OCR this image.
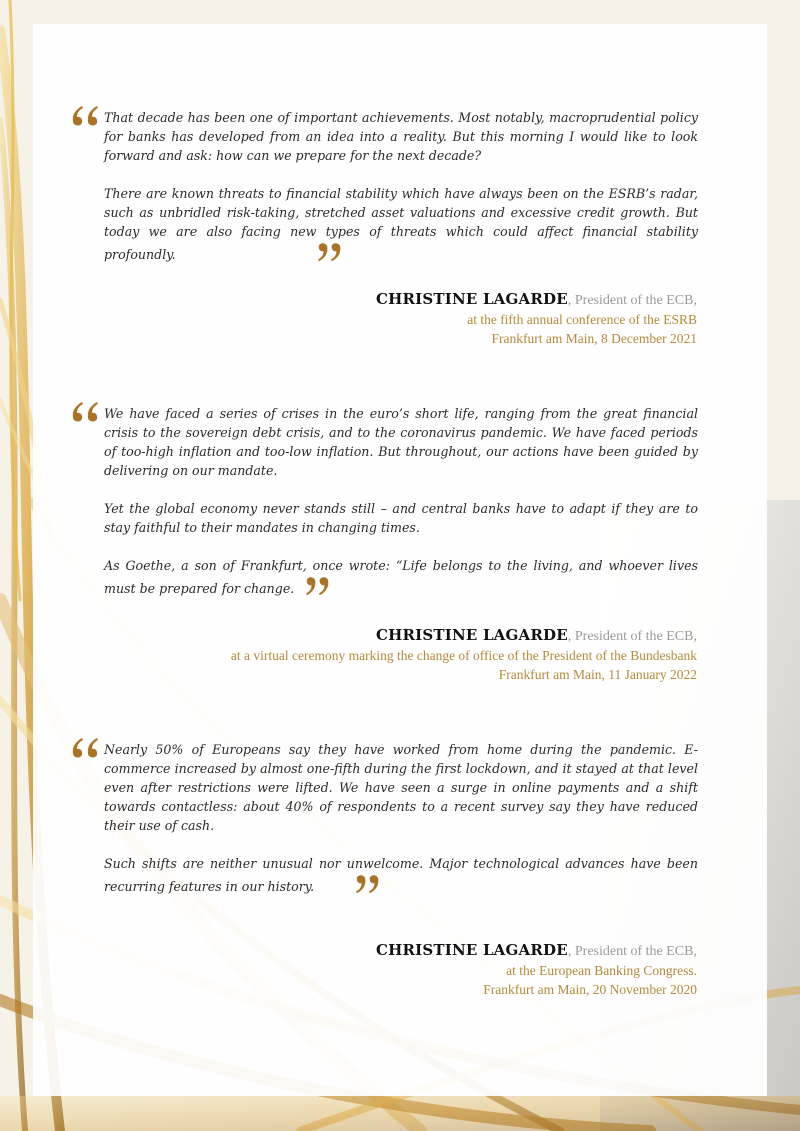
That decade has been one of important achievements. Most notably, macroprudential policy for banks has developed from an idea into a reality. But this morning I would like to look forward and ask: how can we prepare for the next decade?

There are known threats to financial stability which have always been on the ESRB’s radar, such as unbridled risk-taking, stretched asset valuations and excessive credit growth. But today we are also facing new types of threats which could affect financial stability profoundly.

CHRISTINE LAGARDE, President of the ECB,
at the fifth annual conference of the ESRB
Frankfurt am Main, 8 December 2021

We have faced a series of crises in the euro’s short life, ranging from the great financial crisis to the sovereign debt crisis, and to the coronavirus pandemic. We have faced periods of too-high inflation and too-low inflation. But throughout, our actions have been guided by delivering on our mandate.

Yet the global economy never stands still – and central banks have to adapt if they are to stay faithful to their mandates in changing times.

As Goethe, a son of Frankfurt, once wrote: “Life belongs to the living, and whoever lives must be prepared for change.

CHRISTINE LAGARDE, President of the ECB,
at a virtual ceremony marking the change of office of the President of the Bundesbank
Frankfurt am Main, 11 January 2022

Nearly 50% of Europeans say they have worked from home during the pandemic. E-commerce increased by almost one-fifth during the first lockdown, and it stayed at that level even after restrictions were lifted. We have seen a surge in online payments and a shift towards contactless: about 40% of respondents to a recent survey say they have reduced their use of cash.

Such shifts are neither unusual nor unwelcome. Major technological advances have been recurring features in our history.

CHRISTINE LAGARDE, President of the ECB,
at the European Banking Congress.
Frankfurt am Main, 20 November 2020
